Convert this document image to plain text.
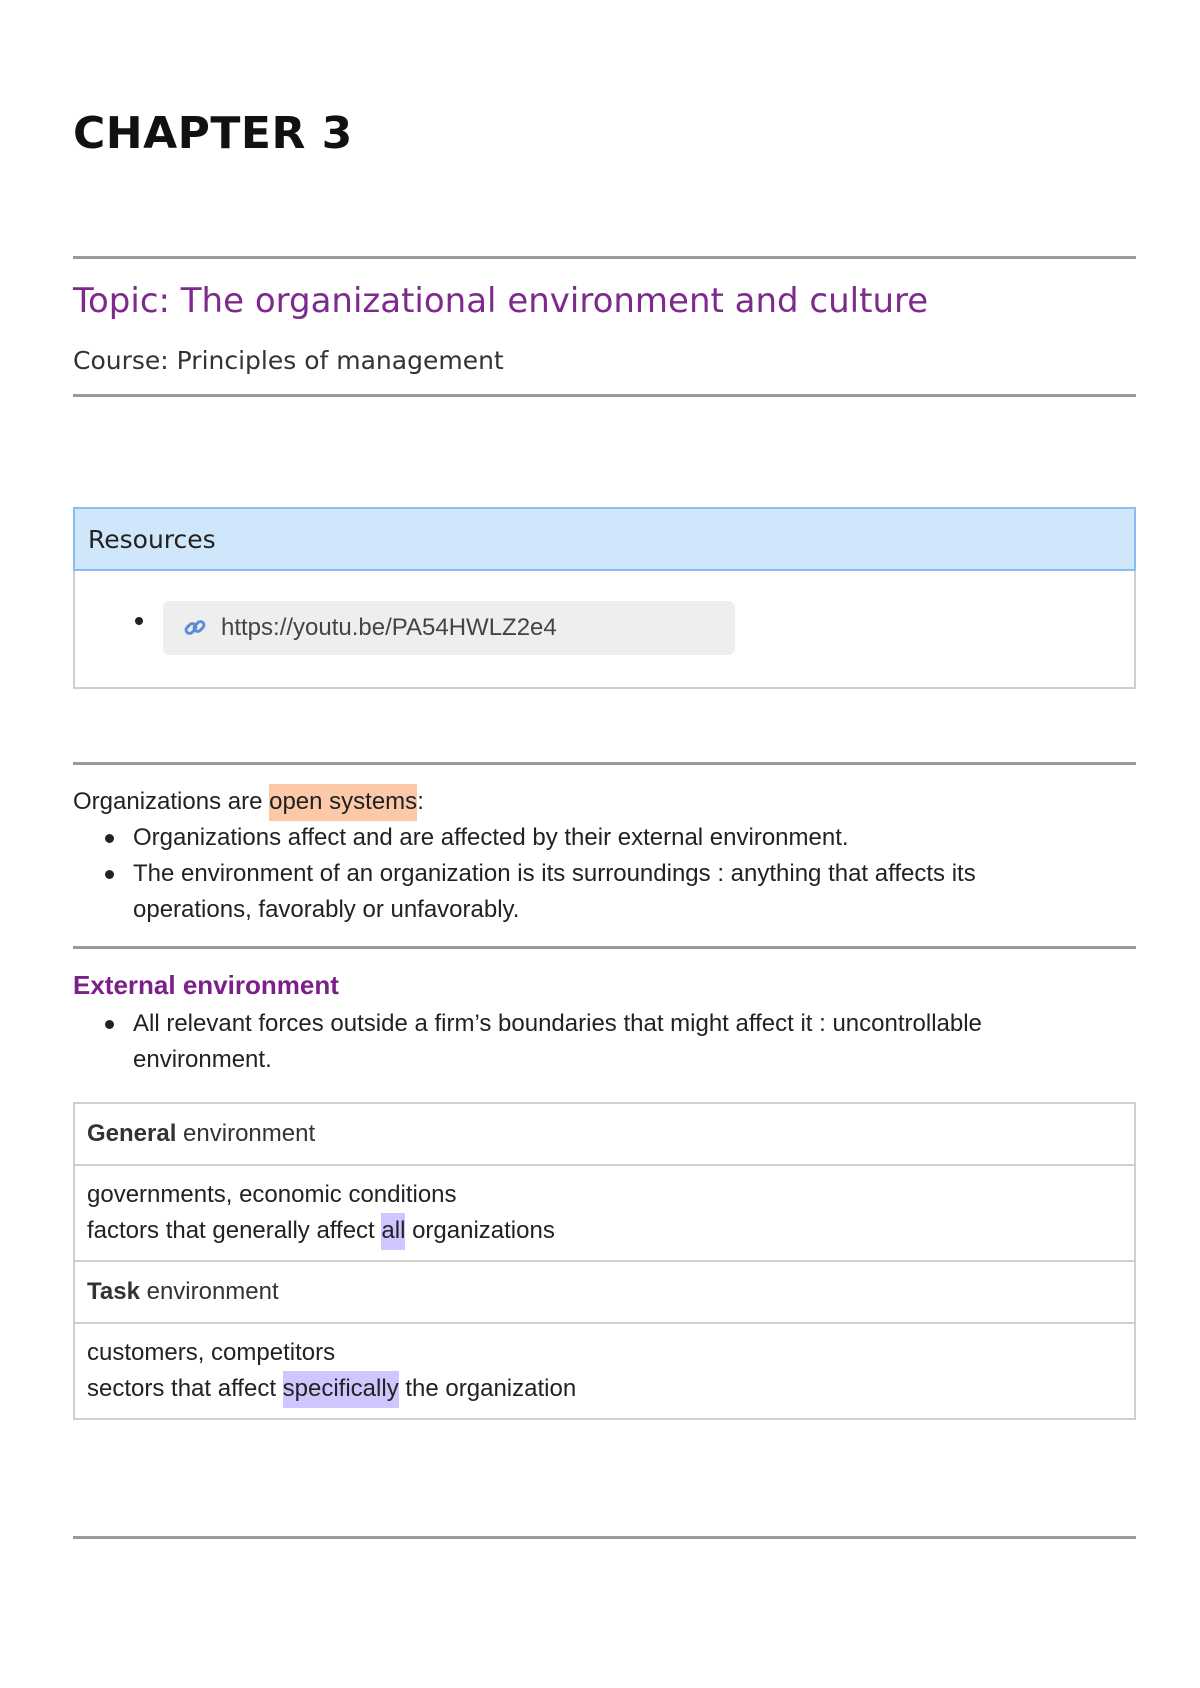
CHAPTER 3
Topic: The organizational environment and culture
Course: Principles of management
Resources
https://youtu.be/PA54HWLZ2e4
Organizations are open systems:
Organizations affect and are affected by their external environment.
The environment of an organization is its surroundings : anything that affects its operations, favorably or unfavorably.
External environment
All relevant forces outside a firm’s boundaries that might affect it : uncontrollable environment.
General environment

governments, economic conditions
factors that generally affect all organizations

Task environment

customers, competitors
sectors that affect specifically the organization
